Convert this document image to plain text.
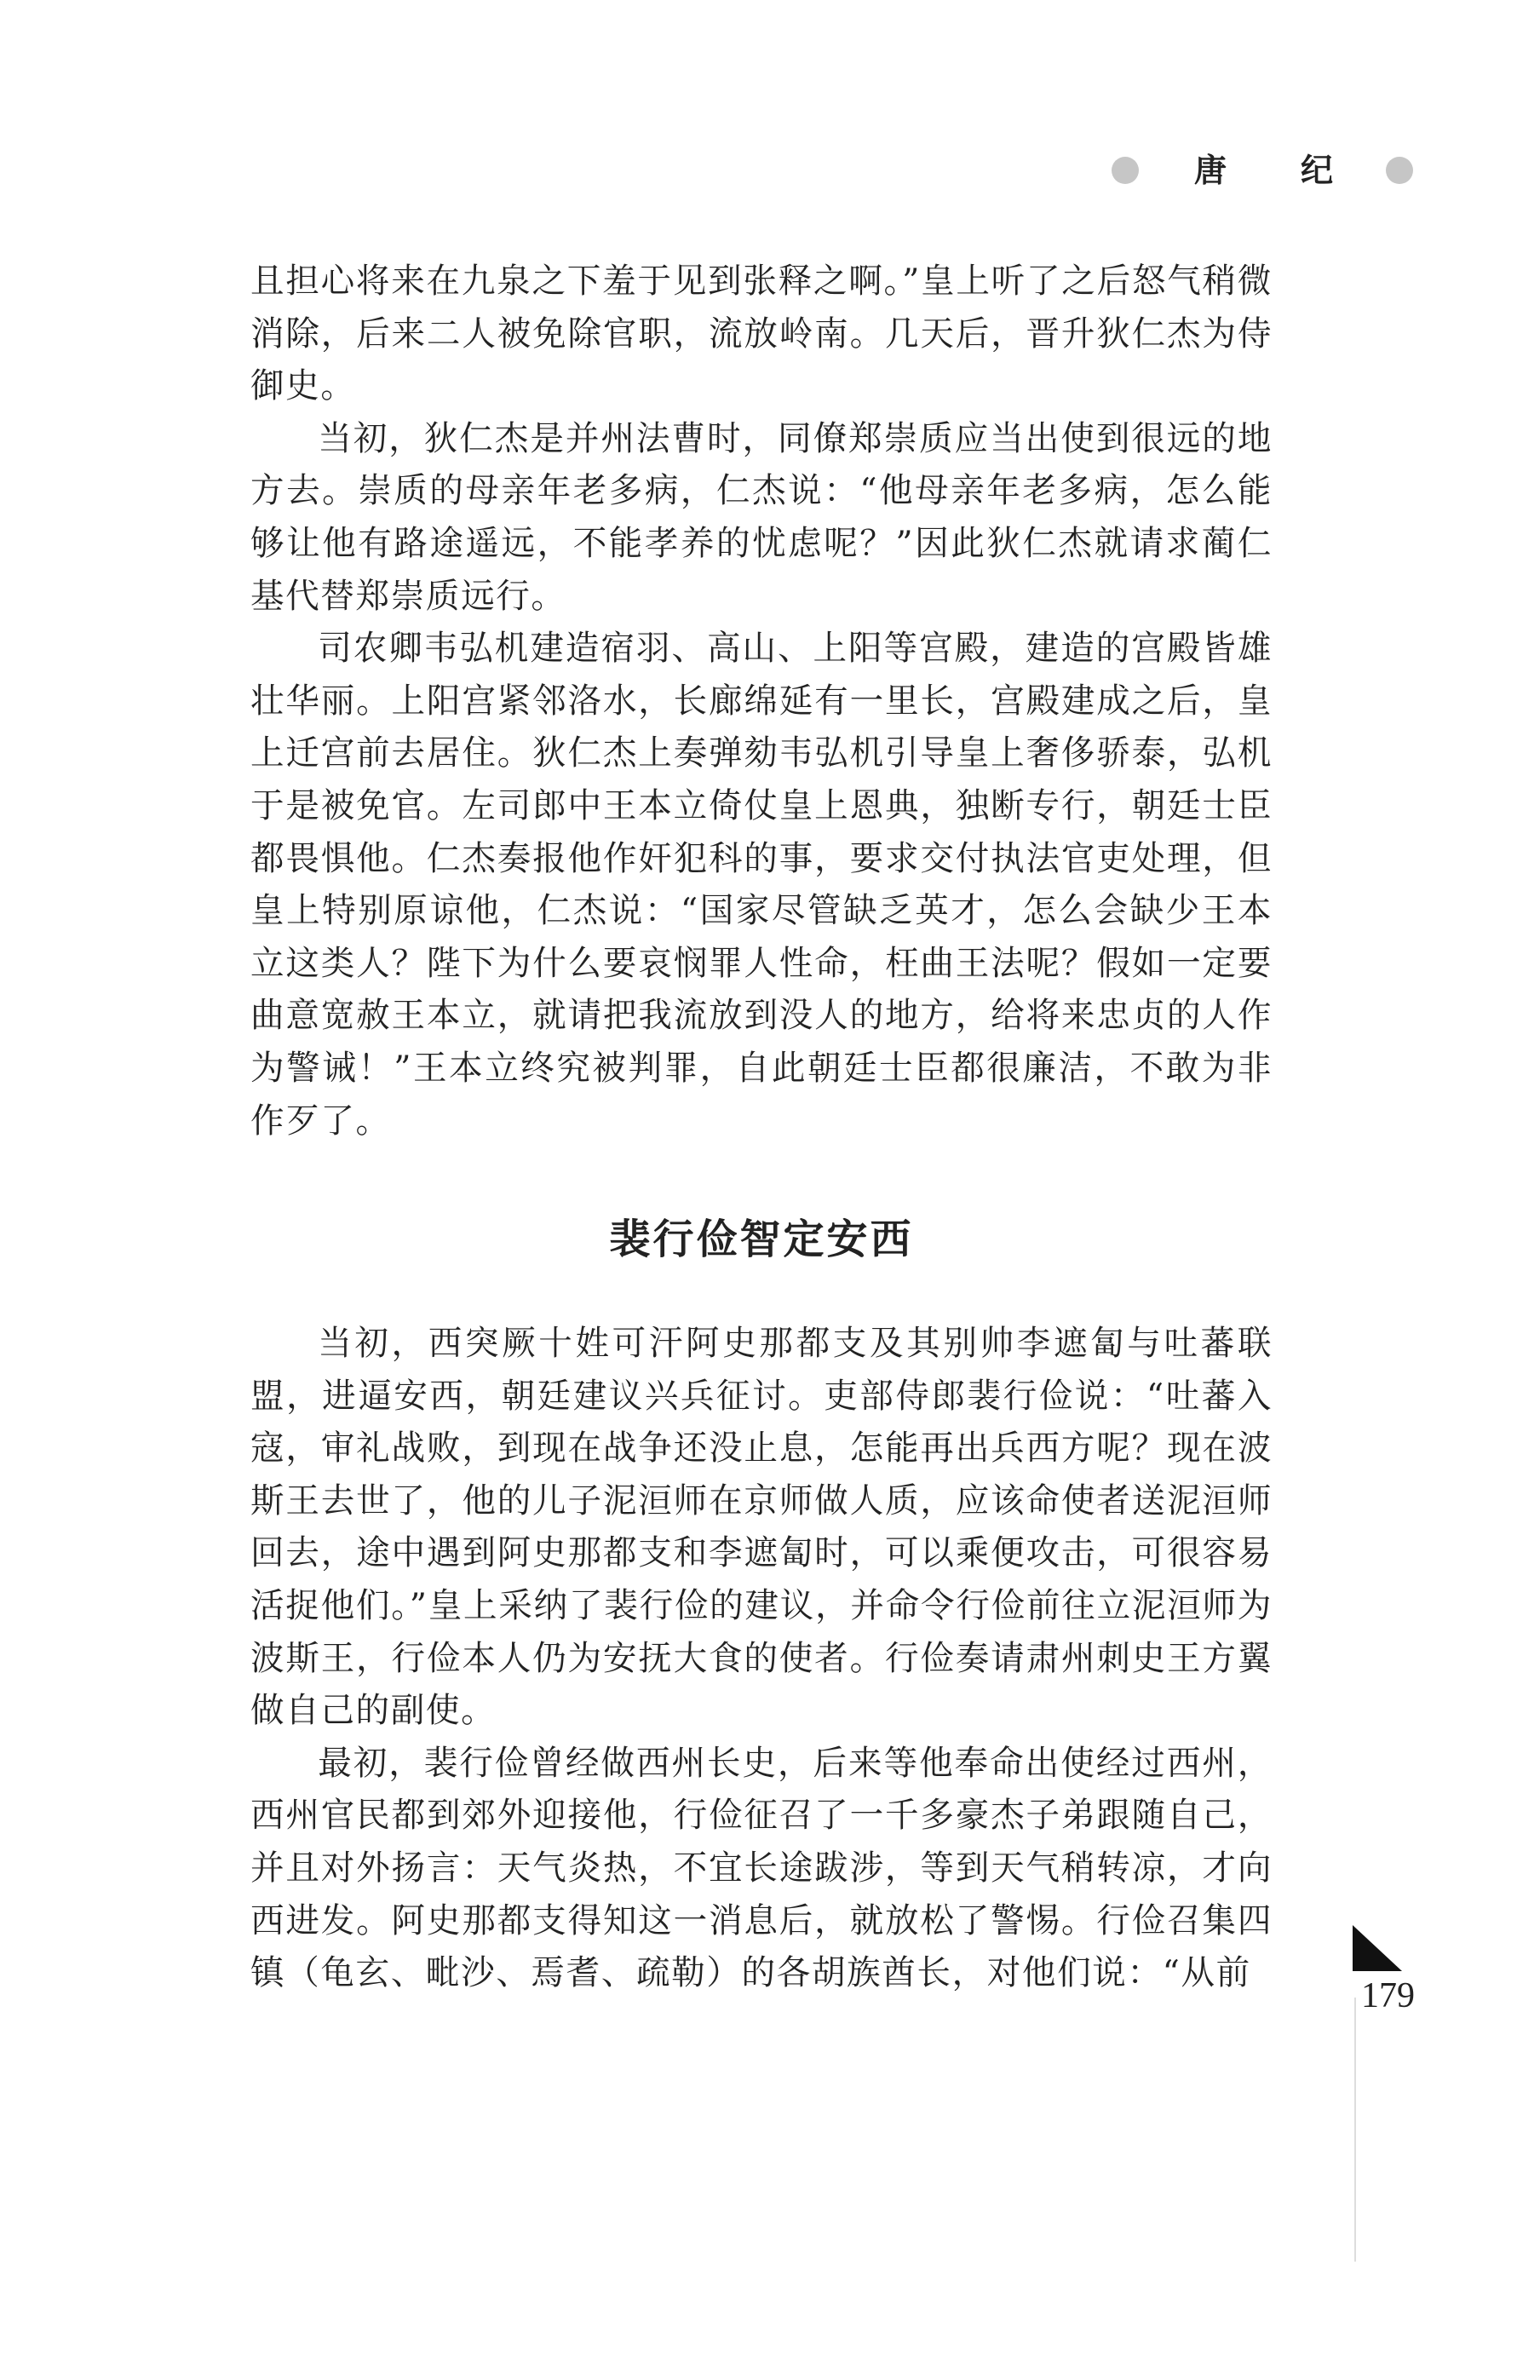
唐 纪

且担心将来在九泉之下羞于见到张释之啊。”皇上听了之后怒气稍微消除，后来二人被免除官职，流放岭南。几天后，晋升狄仁杰为侍御史。

当初，狄仁杰是并州法曹时，同僚郑崇质应当出使到很远的地方去。崇质的母亲年老多病，仁杰说：“他母亲年老多病，怎么能够让他有路途遥远，不能孝养的忧虑呢？”因此狄仁杰就请求蔺仁基代替郑崇质远行。

司农卿韦弘机建造宿羽、高山、上阳等宫殿，建造的宫殿皆雄壮华丽。上阳宫紧邻洛水，长廊绵延有一里长，宫殿建成之后，皇上迁宫前去居住。狄仁杰上奏弹劾韦弘机引导皇上奢侈骄泰，弘机于是被免官。左司郎中王本立倚仗皇上恩典，独断专行，朝廷士臣都畏惧他。仁杰奏报他作奸犯科的事，要求交付执法官吏处理，但皇上特别原谅他，仁杰说：“国家尽管缺乏英才，怎么会缺少王本立这类人？陛下为什么要哀悯罪人性命，枉曲王法呢？假如一定要曲意宽赦王本立，就请把我流放到没人的地方，给将来忠贞的人作为警诫！”王本立终究被判罪，自此朝廷士臣都很廉洁，不敢为非作歹了。

裴行俭智定安西

当初，西突厥十姓可汗阿史那都支及其别帅李遮匐与吐蕃联盟，进逼安西，朝廷建议兴兵征讨。吏部侍郎裴行俭说：“吐蕃入寇，审礼战败，到现在战争还没止息，怎能再出兵西方呢？现在波斯王去世了，他的儿子泥洹师在京师做人质，应该命使者送泥洹师回去，途中遇到阿史那都支和李遮匐时，可以乘便攻击，可很容易活捉他们。”皇上采纳了裴行俭的建议，并命令行俭前往立泥洹师为波斯王，行俭本人仍为安抚大食的使者。行俭奏请肃州刺史王方翼做自己的副使。

最初，裴行俭曾经做西州长史，后来等他奉命出使经过西州，西州官民都到郊外迎接他，行俭征召了一千多豪杰子弟跟随自己，并且对外扬言：天气炎热，不宜长途跋涉，等到天气稍转凉，才向西进发。阿史那都支得知这一消息后，就放松了警惕。行俭召集四镇（龟玄、毗沙、焉耆、疏勒）的各胡族酋长，对他们说：“从前

179
